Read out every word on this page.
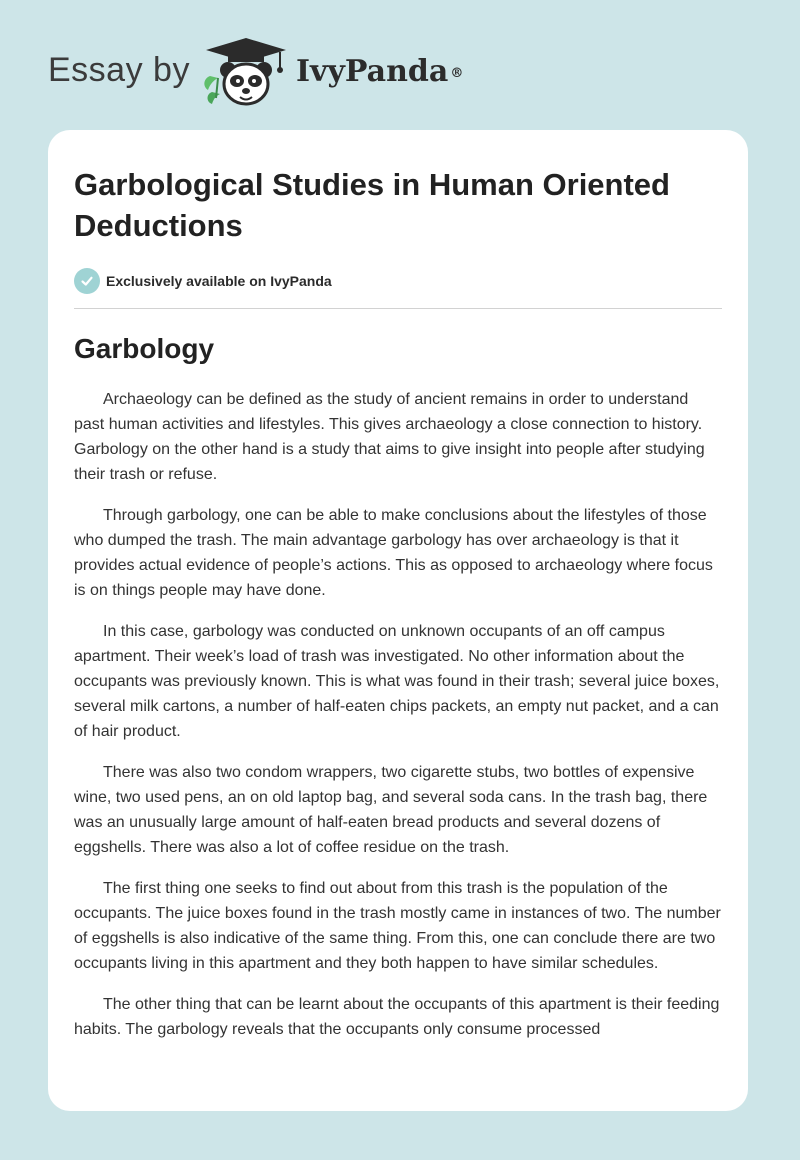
Essay by	IvyPanda ®
Garbological Studies in Human Oriented Deductions
Exclusively available on IvyPanda
Garbology

Archaeology can be defined as the study of ancient remains in order to understand past human activities and lifestyles. This gives archaeology a close connection to history. Garbology on the other hand is a study that aims to give insight into people after studying their trash or refuse.

Through garbology, one can be able to make conclusions about the lifestyles of those who dumped the trash. The main advantage garbology has over archaeology is that it provides actual evidence of people’s actions. This as opposed to archaeology where focus is on things people may have done.

In this case, garbology was conducted on unknown occupants of an off campus apartment. Their week’s load of trash was investigated. No other information about the occupants was previously known. This is what was found in their trash; several juice boxes, several milk cartons, a number of half-eaten chips packets, an empty nut packet, and a can of hair product.

There was also two condom wrappers, two cigarette stubs, two bottles of expensive wine, two used pens, an on old laptop bag, and several soda cans. In the trash bag, there was an unusually large amount of half-eaten bread products and several dozens of eggshells. There was also a lot of coffee residue on the trash.

The first thing one seeks to find out about from this trash is the population of the occupants. The juice boxes found in the trash mostly came in instances of two. The number of eggshells is also indicative of the same thing. From this, one can conclude there are two occupants living in this apartment and they both happen to have similar schedules.

The other thing that can be learnt about the occupants of this apartment is their feeding habits. The garbology reveals that the occupants only consume processed
